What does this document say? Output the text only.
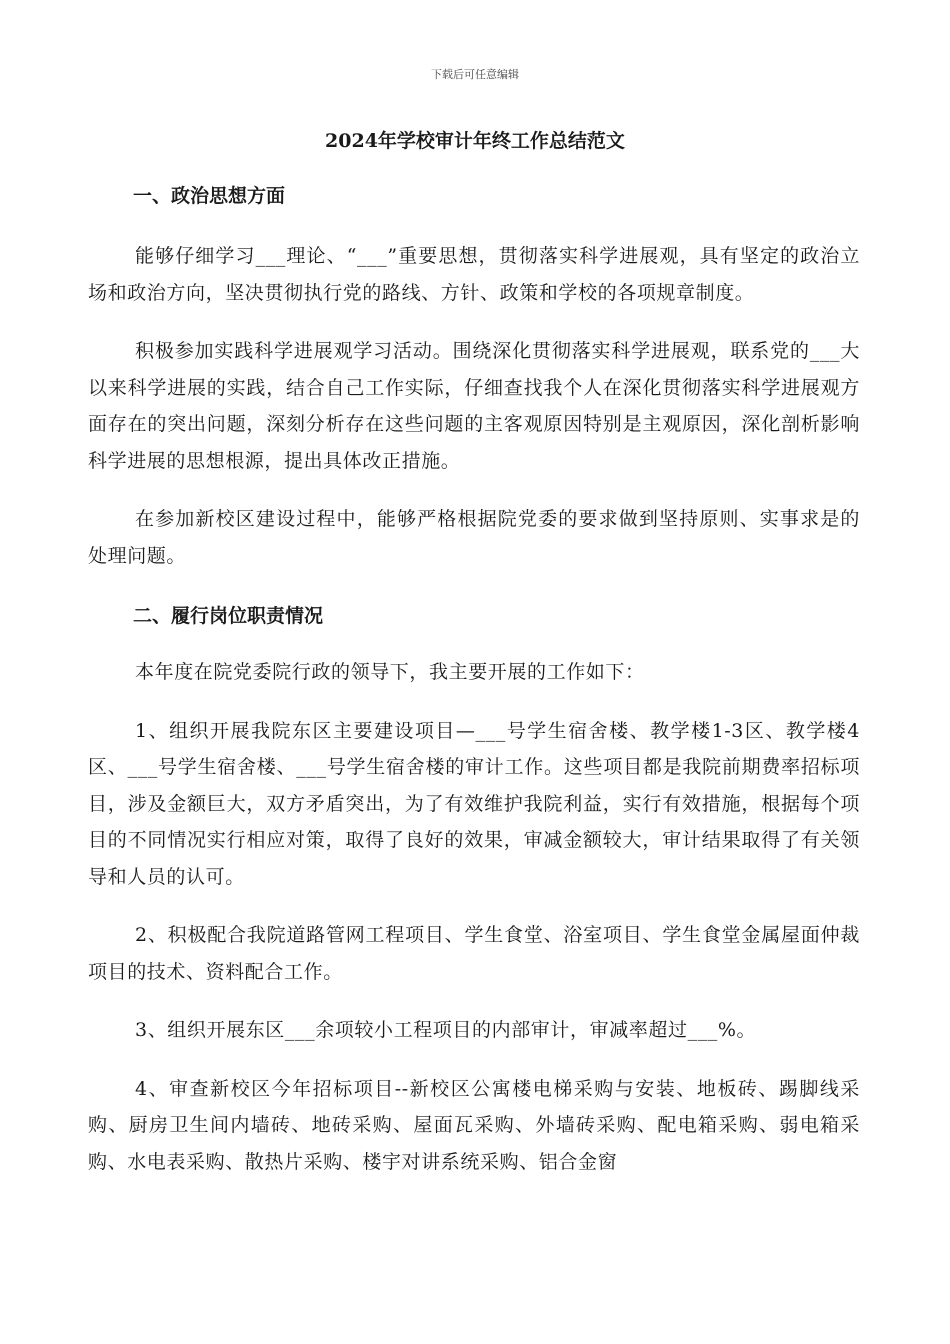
下载后可任意编辑
2024年学校审计年终工作总结范文
一、政治思想方面

能够仔细学习___理论、“___”重要思想，贯彻落实科学进展观，具有坚定的政治立场和政治方向，坚决贯彻执行党的路线、方针、政策和学校的各项规章制度。

积极参加实践科学进展观学习活动。围绕深化贯彻落实科学进展观，联系党的___大以来科学进展的实践，结合自己工作实际，仔细查找我个人在深化贯彻落实科学进展观方面存在的突出问题，深刻分析存在这些问题的主客观原因特别是主观原因，深化剖析影响科学进展的思想根源，提出具体改正措施。

在参加新校区建设过程中，能够严格根据院党委的要求做到坚持原则、实事求是的处理问题。

二、履行岗位职责情况

本年度在院党委院行政的领导下，我主要开展的工作如下：

1、组织开展我院东区主要建设项目—___号学生宿舍楼、教学楼1-3区、教学楼4区、___号学生宿舍楼、___号学生宿舍楼的审计工作。这些项目都是我院前期费率招标项目，涉及金额巨大，双方矛盾突出，为了有效维护我院利益，实行有效措施，根据每个项目的不同情况实行相应对策，取得了良好的效果，审减金额较大，审计结果取得了有关领导和人员的认可。

2、积极配合我院道路管网工程项目、学生食堂、浴室项目、学生食堂金属屋面仲裁项目的技术、资料配合工作。

3、组织开展东区___余项较小工程项目的内部审计，审减率超过___%。

4、审查新校区今年招标项目--新校区公寓楼电梯采购与安装、地板砖、踢脚线采购、厨房卫生间内墙砖、地砖采购、屋面瓦采购、外墙砖采购、配电箱采购、弱电箱采购、水电表采购、散热片采购、楼宇对讲系统采购、铝合金窗
